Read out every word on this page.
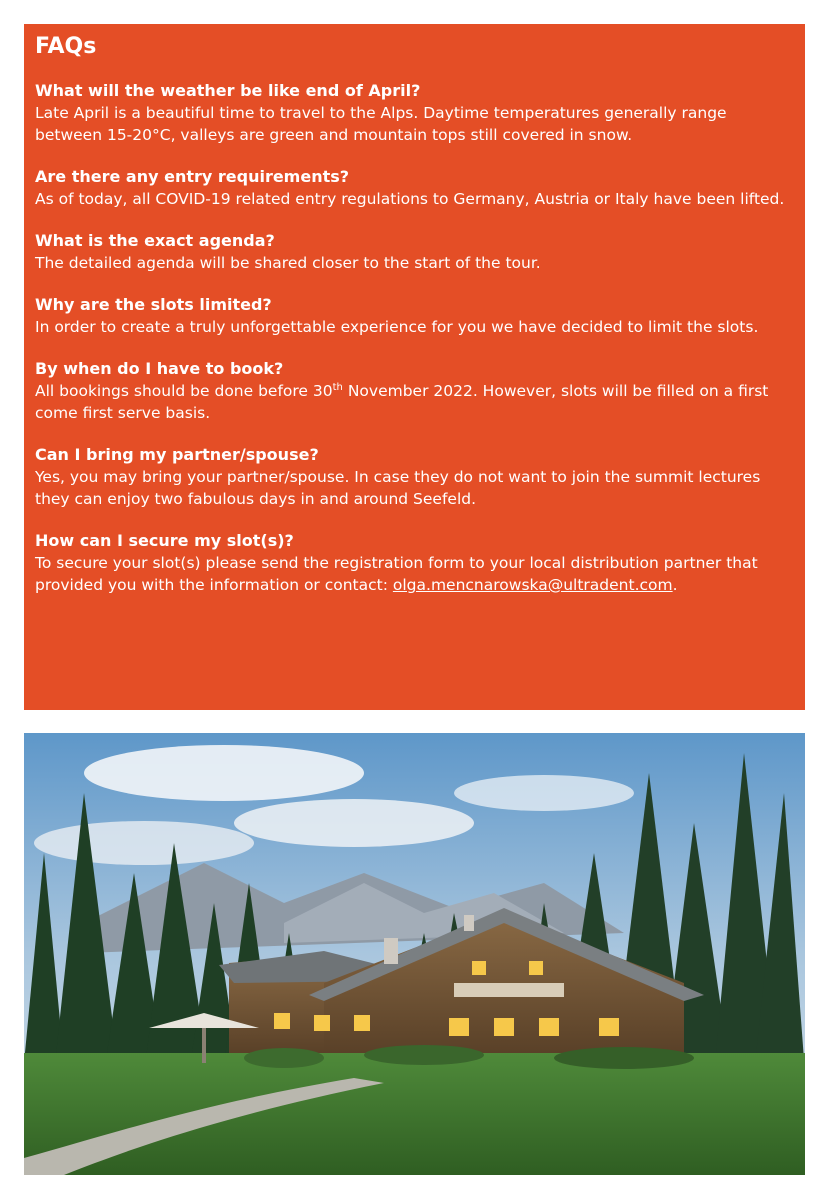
FAQs
What will the weather be like end of April?
Late April is a beautiful time to travel to the Alps. Daytime temperatures generally range between 15-20°C, valleys are green and mountain tops still covered in snow.
Are there any entry requirements?
As of today, all COVID-19 related entry regulations to Germany, Austria or Italy have been lifted.
What is the exact agenda?
The detailed agenda will be shared closer to the start of the tour.
Why are the slots limited?
In order to create a truly unforgettable experience for you we have decided to limit the slots.
By when do I have to book?
All bookings should be done before 30th November 2022. However, slots will be filled on a first come first serve basis.
Can I bring my partner/spouse?
Yes, you may bring your partner/spouse. In case they do not want to join the summit lectures they can enjoy two fabulous days in and around Seefeld.
How can I secure my slot(s)?
To secure your slot(s) please send the registration form to your local distribution partner that provided you with the information or contact: olga.mencnarowska@ultradent.com.
